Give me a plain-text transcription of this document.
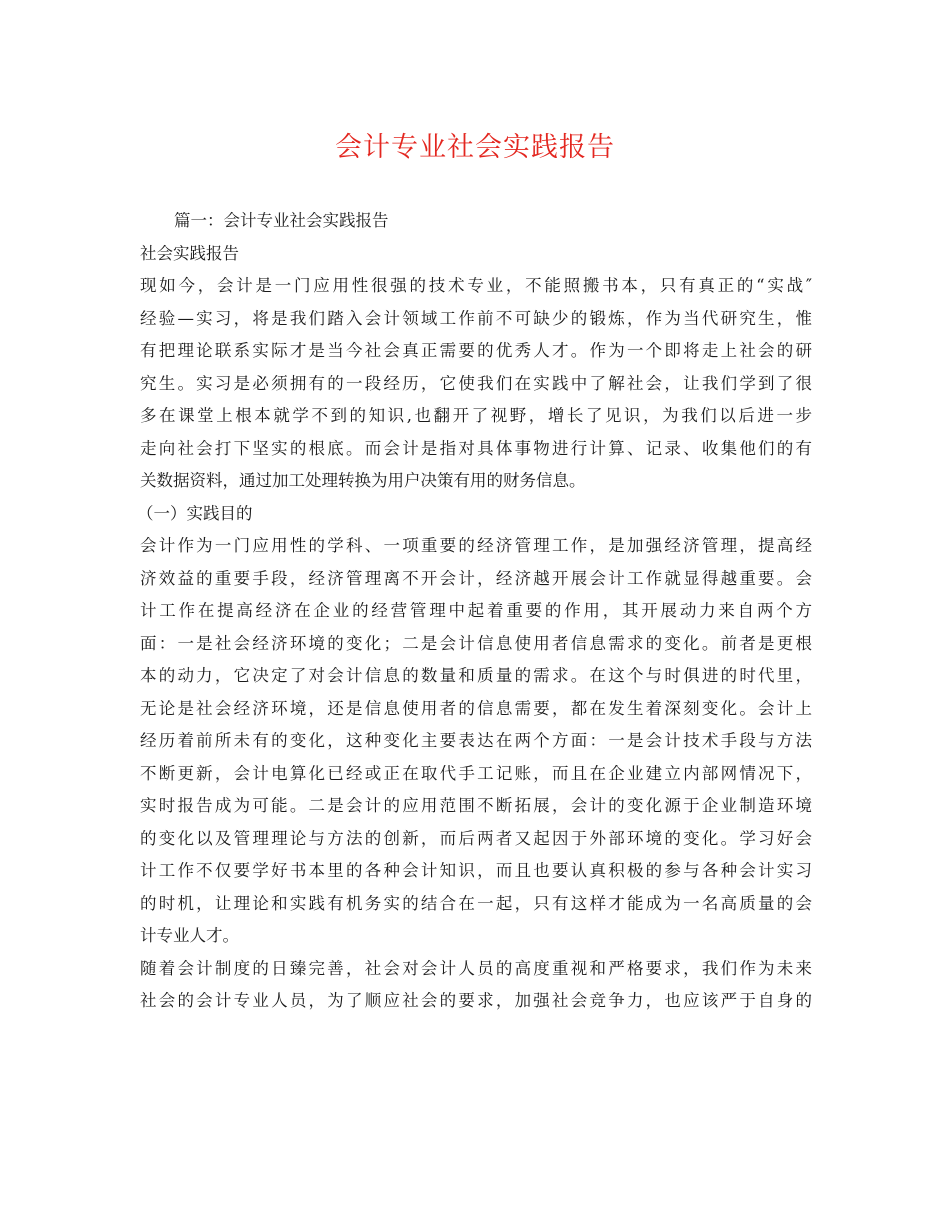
会计专业社会实践报告
篇一：会计专业社会实践报告
社会实践报告
现如今，会计是一门应用性很强的技术专业，不能照搬书本，只有真正的“实战″
经验—实习，将是我们踏入会计领域工作前不可缺少的锻炼，作为当代研究生，惟
有把理论联系实际才是当今社会真正需要的优秀人才。作为一个即将走上社会的研
究生。实习是必须拥有的一段经历，它使我们在实践中了解社会，让我们学到了很
多在课堂上根本就学不到的知识,也翻开了视野，增长了见识，为我们以后进一步
走向社会打下坚实的根底。而会计是指对具体事物进行计算、记录、收集他们的有
关数据资料，通过加工处理转换为用户决策有用的财务信息。
（一）实践目的
会计作为一门应用性的学科、一项重要的经济管理工作，是加强经济管理，提高经
济效益的重要手段，经济管理离不开会计，经济越开展会计工作就显得越重要。会
计工作在提高经济在企业的经营管理中起着重要的作用，其开展动力来自两个方
面：一是社会经济环境的变化；二是会计信息使用者信息需求的变化。前者是更根
本的动力，它决定了对会计信息的数量和质量的需求。在这个与时俱进的时代里，
无论是社会经济环境，还是信息使用者的信息需要，都在发生着深刻变化。会计上
经历着前所未有的变化，这种变化主要表达在两个方面：一是会计技术手段与方法
不断更新，会计电算化已经或正在取代手工记账，而且在企业建立内部网情况下，
实时报告成为可能。二是会计的应用范围不断拓展，会计的变化源于企业制造环境
的变化以及管理理论与方法的创新，而后两者又起因于外部环境的变化。学习好会
计工作不仅要学好书本里的各种会计知识，而且也要认真积极的参与各种会计实习
的时机，让理论和实践有机务实的结合在一起，只有这样才能成为一名高质量的会
计专业人才。
随着会计制度的日臻完善，社会对会计人员的高度重视和严格要求，我们作为未来
社会的会计专业人员，为了顺应社会的要求，加强社会竞争力，也应该严于自身的
